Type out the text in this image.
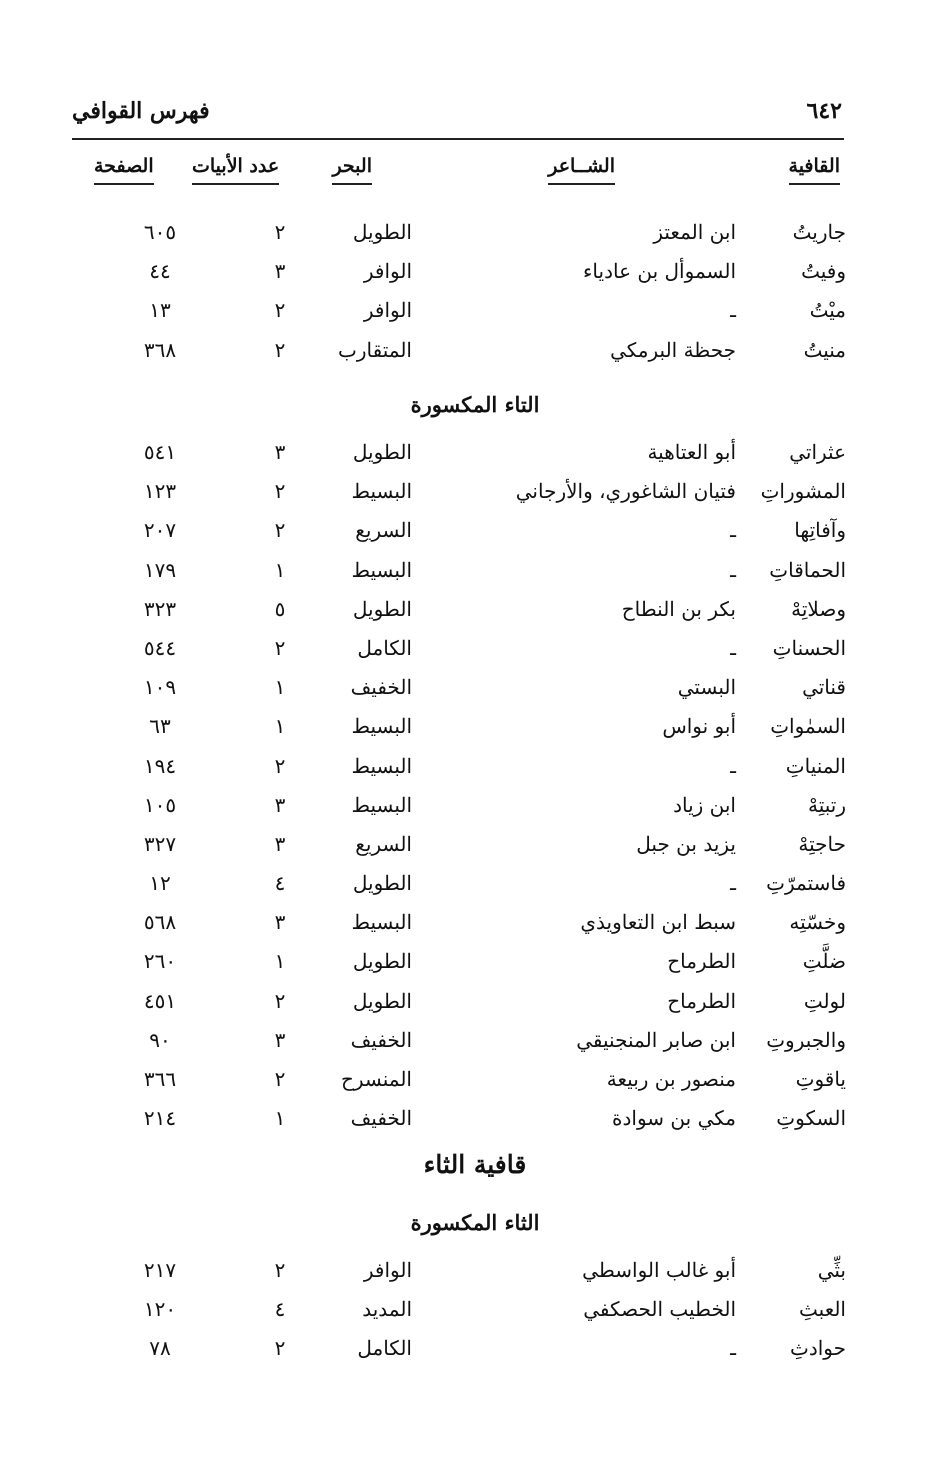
٦٤٢
فهرس القوافي
القافية
الشــاعر
البحر
عدد الأبيات
الصفحة
جاريتُ
ابن المعتز
الطويل
٢
٦٠٥
وفيتُ
السموأل بن عادياء
الوافر
٣
٤٤
ميْتُ
ـ
الوافر
٢
١٣
منيتُ
جحظة البرمكي
المتقارب
٢
٣٦٨
التاء المكسورة
عثراتي
أبو العتاهية
الطويل
٣
٥٤١
المشوراتِ
فتيان الشاغوري، والأرجاني
البسيط
٢
١٢٣
وآفاتِها
ـ
السريع
٢
٢٠٧
الحماقاتِ
ـ
البسيط
١
١٧٩
وصلاتِهْ
بكر بن النطاح
الطويل
٥
٣٢٣
الحسناتِ
ـ
الكامل
٢
٥٤٤
قناتي
البستي
الخفيف
١
١٠٩
السمٰواتِ
أبو نواس
البسيط
١
٦٣
المنياتِ
ـ
البسيط
٢
١٩٤
رتبتِهْ
ابن زياد
البسيط
٣
١٠٥
حاجتِهْ
يزيد بن جبل
السريع
٣
٣٢٧
فاستمرّتِ
ـ
الطويل
٤
١٢
وخسّتِه
سبط ابن التعاويذي
البسيط
٣
٥٦٨
ضلَّتِ
الطرماح
الطويل
١
٢٦٠
لولتِ
الطرماح
الطويل
٢
٤٥١
والجبروتِ
ابن صابر المنجنيقي
الخفيف
٣
٩٠
ياقوتِ
منصور بن ربيعة
المنسرح
٢
٣٦٦
السكوتِ
مكي بن سوادة
الخفيف
١
٢١٤
قافية الثاء
الثاء المكسورة
بثِّي
أبو غالب الواسطي
الوافر
٢
٢١٧
العبثِ
الخطيب الحصكفي
المديد
٤
١٢٠
حوادثِ
ـ
الكامل
٢
٧٨
